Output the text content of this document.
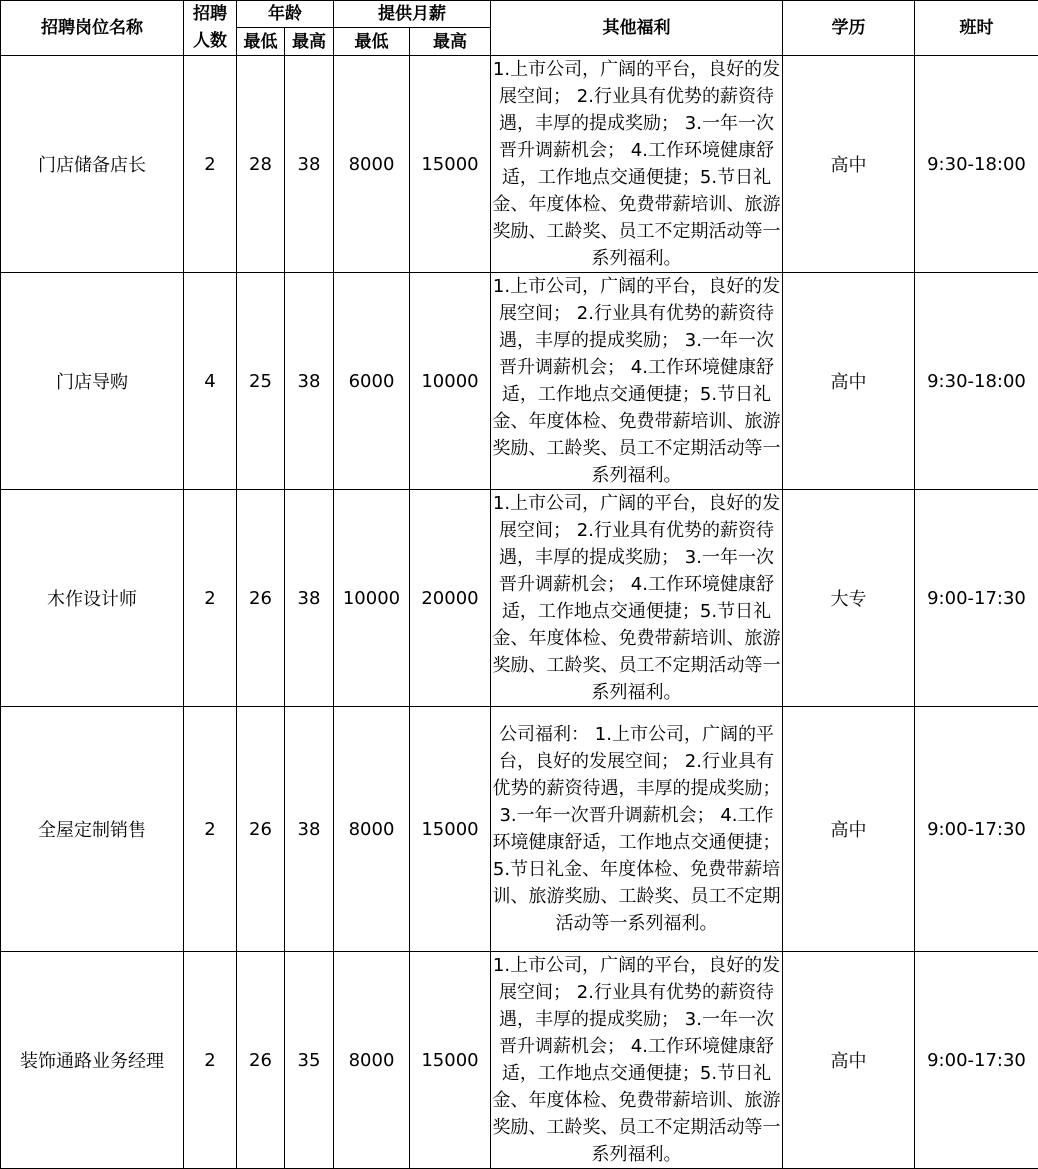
招聘岗位名称	招聘人数	年龄		提供月薪		其他福利	学历	班时
		最低	最高	最低	最高			
门店储备店长	2	28	38	8000	15000	1.上市公司，广阔的平台，良好的发展空间； 2.行业具有优势的薪资待遇，丰厚的提成奖励； 3.一年一次晋升调薪机会； 4.工作环境健康舒适，工作地点交通便捷；5.节日礼金、年度体检、免费带薪培训、旅游奖励、工龄奖、员工不定期活动等一系列福利。	高中	9:30-18:00
门店导购	4	25	38	6000	10000	1.上市公司，广阔的平台，良好的发展空间； 2.行业具有优势的薪资待遇，丰厚的提成奖励； 3.一年一次晋升调薪机会； 4.工作环境健康舒适，工作地点交通便捷；5.节日礼金、年度体检、免费带薪培训、旅游奖励、工龄奖、员工不定期活动等一系列福利。	高中	9:30-18:00
木作设计师	2	26	38	10000	20000	1.上市公司，广阔的平台，良好的发展空间； 2.行业具有优势的薪资待遇，丰厚的提成奖励； 3.一年一次晋升调薪机会； 4.工作环境健康舒适，工作地点交通便捷；5.节日礼金、年度体检、免费带薪培训、旅游奖励、工龄奖、员工不定期活动等一系列福利。	大专	9:00-17:30
全屋定制销售	2	26	38	8000	15000	公司福利： 1.上市公司，广阔的平台，良好的发展空间； 2.行业具有优势的薪资待遇，丰厚的提成奖励； 3.一年一次晋升调薪机会； 4.工作环境健康舒适，工作地点交通便捷； 5.节日礼金、年度体检、免费带薪培训、旅游奖励、工龄奖、员工不定期活动等一系列福利。	高中	9:00-17:30
装饰通路业务经理	2	26	35	8000	15000	1.上市公司，广阔的平台，良好的发展空间； 2.行业具有优势的薪资待遇，丰厚的提成奖励； 3.一年一次晋升调薪机会； 4.工作环境健康舒适，工作地点交通便捷；5.节日礼金、年度体检、免费带薪培训、旅游奖励、工龄奖、员工不定期活动等一系列福利。	高中	9:00-17:30
